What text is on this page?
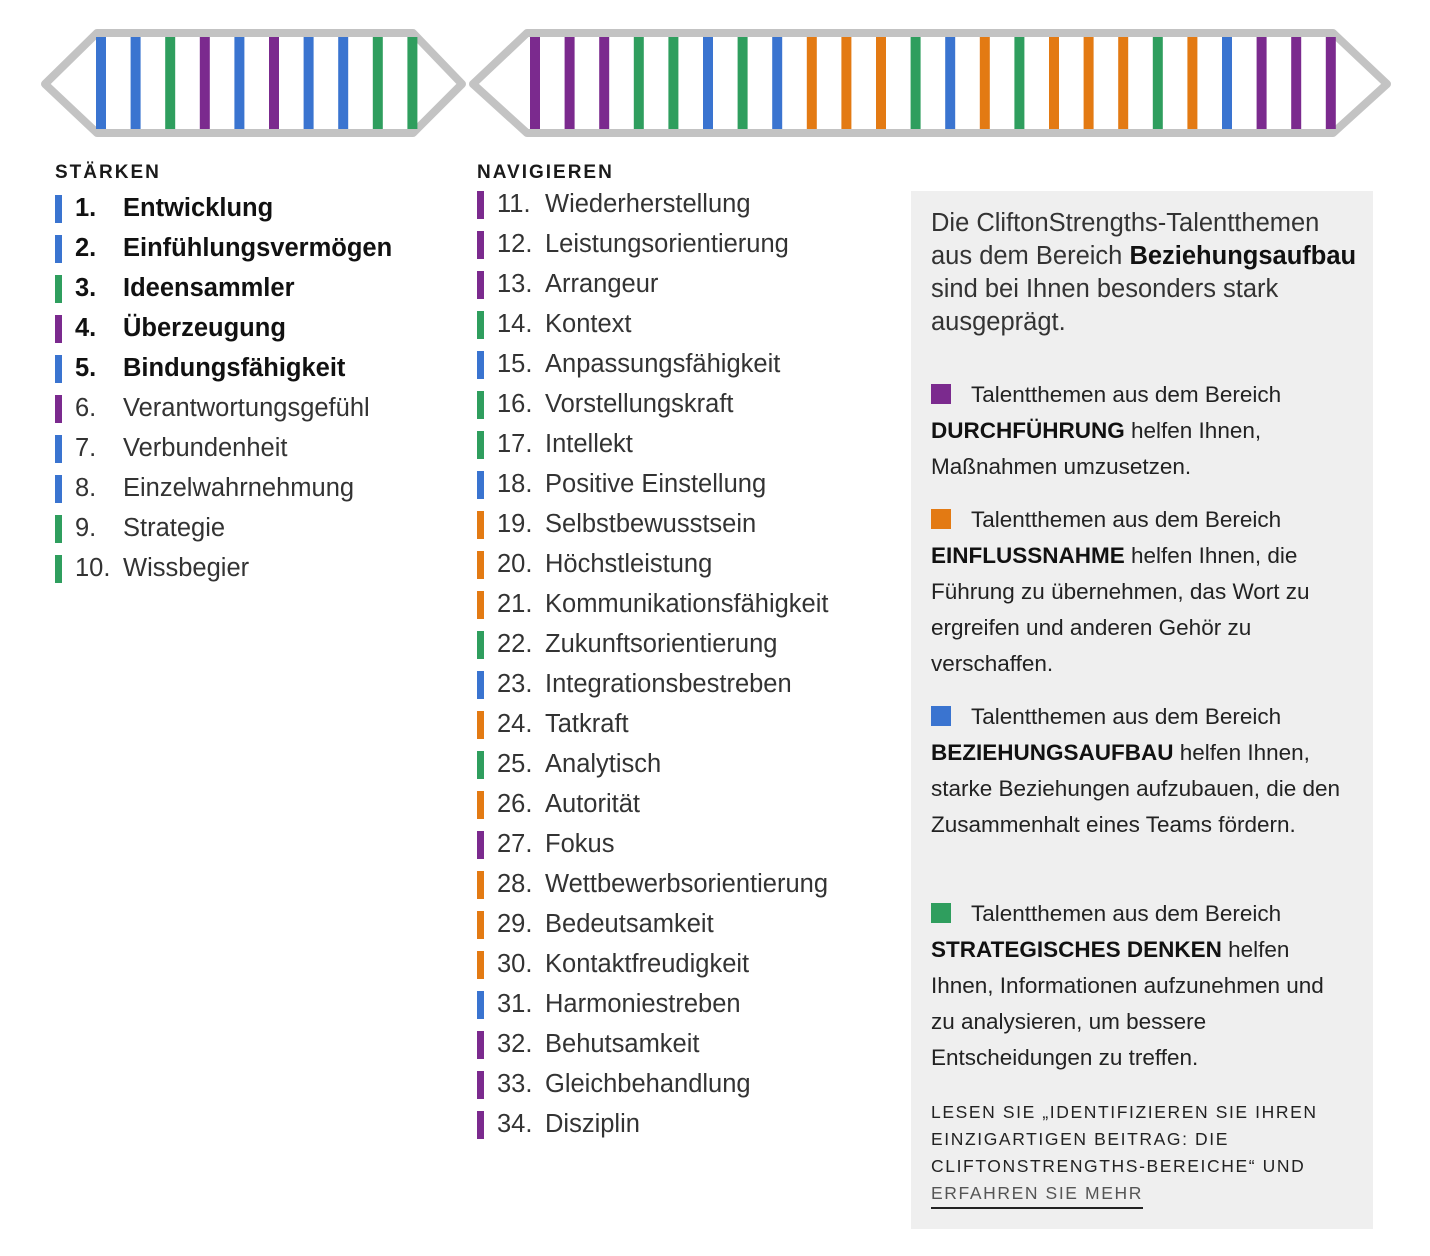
STÄRKEN
1. Entwicklung
2. Einfühlungsvermögen
3. Ideensammler
4. Überzeugung
5. Bindungsfähigkeit
6. Verantwortungsgefühl
7. Verbundenheit
8. Einzelwahrnehmung
9. Strategie
10. Wissbegier
NAVIGIEREN
11. Wiederherstellung
12. Leistungsorientierung
13. Arrangeur
14. Kontext
15. Anpassungsfähigkeit
16. Vorstellungskraft
17. Intellekt
18. Positive Einstellung
19. Selbstbewusstsein
20. Höchstleistung
21. Kommunikationsfähigkeit
22. Zukunftsorientierung
23. Integrationsbestreben
24. Tatkraft
25. Analytisch
26. Autorität
27. Fokus
28. Wettbewerbsorientierung
29. Bedeutsamkeit
30. Kontaktfreudigkeit
31. Harmoniestreben
32. Behutsamkeit
33. Gleichbehandlung
34. Disziplin
Die CliftonStrengths-Talentthemen aus dem Bereich Beziehungsaufbau sind bei Ihnen besonders stark ausgeprägt.
Talentthemen aus dem Bereich
DURCHFÜHRUNG helfen Ihnen, Maßnahmen umzusetzen.
Talentthemen aus dem Bereich
EINFLUSSNAHME helfen Ihnen, die Führung zu übernehmen, das Wort zu ergreifen und anderen Gehör zu verschaffen.
Talentthemen aus dem Bereich
BEZIEHUNGSAUFBAU helfen Ihnen, starke Beziehungen aufzubauen, die den Zusammenhalt eines Teams fördern.
Talentthemen aus dem Bereich
STRATEGISCHES DENKEN helfen Ihnen, Informationen aufzunehmen und zu analysieren, um bessere Entscheidungen zu treffen.
LESEN SIE „IDENTIFIZIEREN SIE IHREN EINZIGARTIGEN BEITRAG: DIE CLIFTONSTRENGTHS-BEREICHE“ UND
ERFAHREN SIE MEHR
